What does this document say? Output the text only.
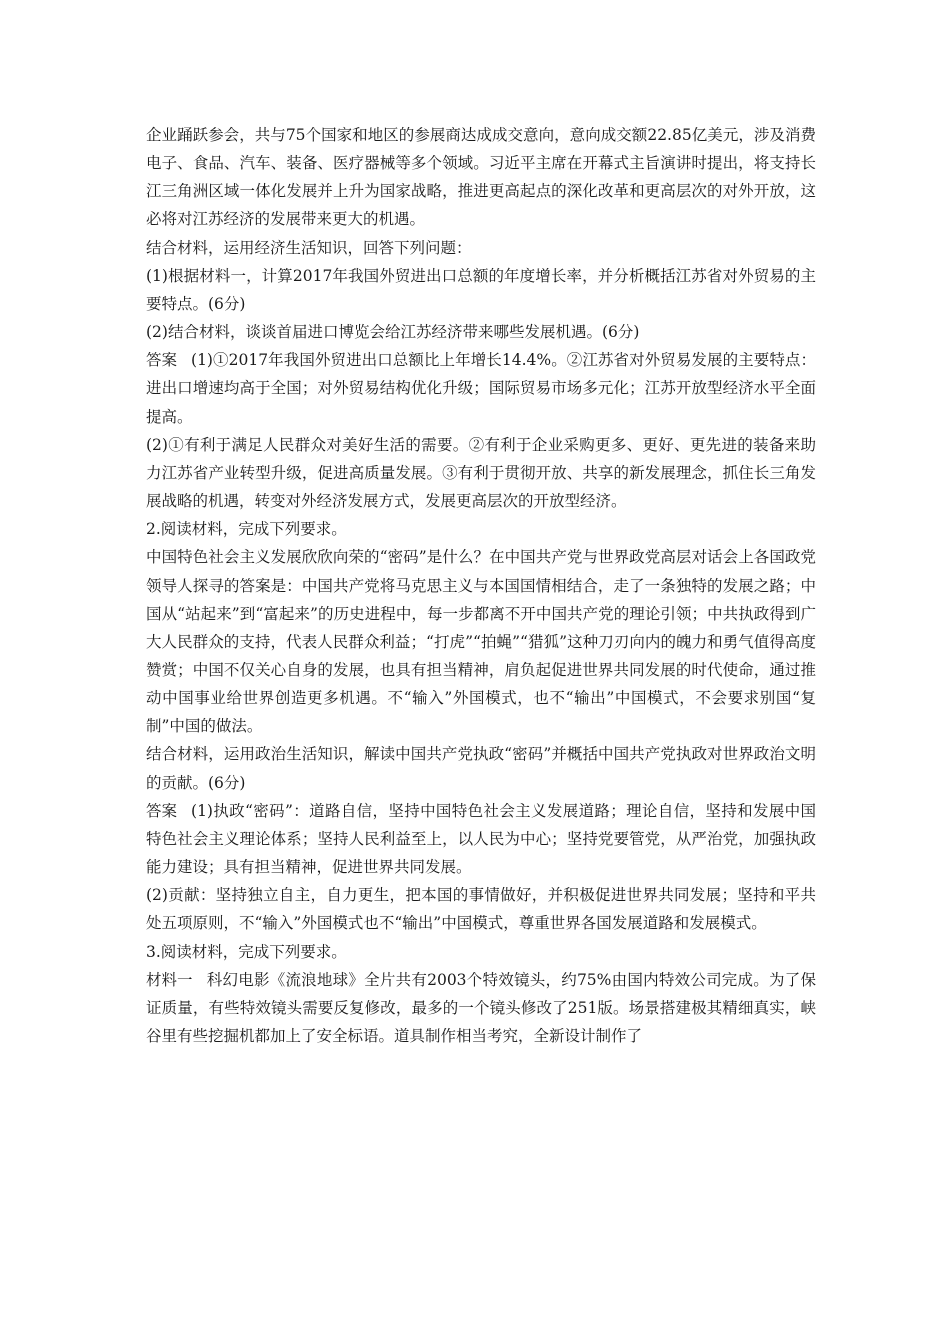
企业踊跃参会，共与75个国家和地区的参展商达成成交意向，意向成交额22.85亿美元，涉及消费电子、食品、汽车、装备、医疗器械等多个领域。习近平主席在开幕式主旨演讲时提出，将支持长江三角洲区域一体化发展并上升为国家战略，推进更高起点的深化改革和更高层次的对外开放，这必将对江苏经济的发展带来更大的机遇。

结合材料，运用经济生活知识，回答下列问题：

(1)根据材料一，计算2017年我国外贸进出口总额的年度增长率，并分析概括江苏省对外贸易的主要特点。(6分)

(2)结合材料，谈谈首届进口博览会给江苏经济带来哪些发展机遇。(6分)

答案 (1)①2017年我国外贸进出口总额比上年增长14.4%。②江苏省对外贸易发展的主要特点：进出口增速均高于全国；对外贸易结构优化升级；国际贸易市场多元化；江苏开放型经济水平全面提高。

(2)①有利于满足人民群众对美好生活的需要。②有利于企业采购更多、更好、更先进的装备来助力江苏省产业转型升级，促进高质量发展。③有利于贯彻开放、共享的新发展理念，抓住长三角发展战略的机遇，转变对外经济发展方式，发展更高层次的开放型经济。

2.阅读材料，完成下列要求。

中国特色社会主义发展欣欣向荣的“密码”是什么？在中国共产党与世界政党高层对话会上各国政党领导人探寻的答案是：中国共产党将马克思主义与本国国情相结合，走了一条独特的发展之路；中国从“站起来”到“富起来”的历史进程中，每一步都离不开中国共产党的理论引领；中共执政得到广大人民群众的支持，代表人民群众利益；“打虎”“拍蝇”“猎狐”这种刀刃向内的魄力和勇气值得高度赞赏；中国不仅关心自身的发展，也具有担当精神，肩负起促进世界共同发展的时代使命，通过推动中国事业给世界创造更多机遇。不“输入”外国模式，也不“输出”中国模式，不会要求别国“复制”中国的做法。

结合材料，运用政治生活知识，解读中国共产党执政“密码”并概括中国共产党执政对世界政治文明的贡献。(6分)

答案 (1)执政“密码”：道路自信，坚持中国特色社会主义发展道路；理论自信，坚持和发展中国特色社会主义理论体系；坚持人民利益至上，以人民为中心；坚持党要管党，从严治党，加强执政能力建设；具有担当精神，促进世界共同发展。

(2)贡献：坚持独立自主，自力更生，把本国的事情做好，并积极促进世界共同发展；坚持和平共处五项原则，不“输入”外国模式也不“输出”中国模式，尊重世界各国发展道路和发展模式。

3.阅读材料，完成下列要求。

材料一 科幻电影《流浪地球》全片共有2003个特效镜头，约75%由国内特效公司完成。为了保证质量，有些特效镜头需要反复修改，最多的一个镜头修改了251版。场景搭建极其精细真实，峡谷里有些挖掘机都加上了安全标语。道具制作相当考究，全新设计制作了
